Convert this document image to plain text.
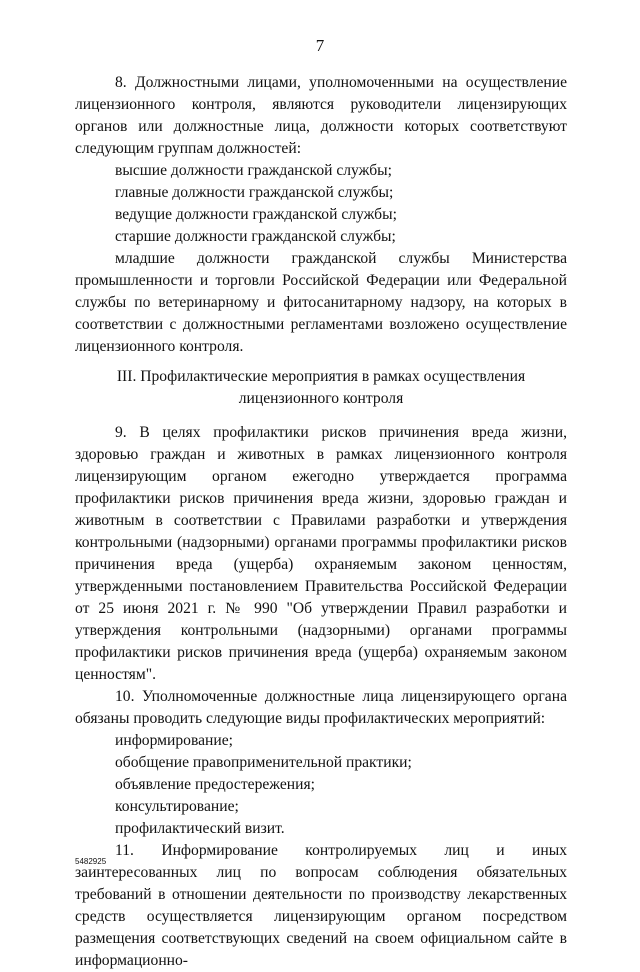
7

8. Должностными лицами, уполномоченными на осуществление лицензионного контроля, являются руководители лицензирующих органов или должностные лица, должности которых соответствуют следующим группам должностей:

высшие должности гражданской службы;

главные должности гражданской службы;

ведущие должности гражданской службы;

старшие должности гражданской службы;

младшие должности гражданской службы Министерства промышленности и торговли Российской Федерации или Федеральной службы по ветеринарному и фитосанитарному надзору, на которых в соответствии с должностными регламентами возложено осуществление лицензионного контроля.

III. Профилактические мероприятия в рамках осуществления
лицензионного контроля

9. В целях профилактики рисков причинения вреда жизни, здоровью граждан и животных в рамках лицензионного контроля лицензирующим органом ежегодно утверждается программа профилактики рисков причинения вреда жизни, здоровью граждан и животным в соответствии с Правилами разработки и утверждения контрольными (надзорными) органами программы профилактики рисков причинения вреда (ущерба) охраняемым законом ценностям, утвержденными постановлением Правительства Российской Федерации от 25 июня 2021 г. № 990 "Об утверждении Правил разработки и утверждения контрольными (надзорными) органами программы профилактики рисков причинения вреда (ущерба) охраняемым законом ценностям".

10. Уполномоченные должностные лица лицензирующего органа обязаны проводить следующие виды профилактических мероприятий:

информирование;

обобщение правоприменительной практики;

объявление предостережения;

консультирование;

профилактический визит.

11. Информирование контролируемых лиц и иных заинтересованных лиц по вопросам соблюдения обязательных требований в отношении деятельности по производству лекарственных средств осуществляется лицензирующим органом посредством размещения соответствующих сведений на своем официальном сайте в информационно-

5482925
